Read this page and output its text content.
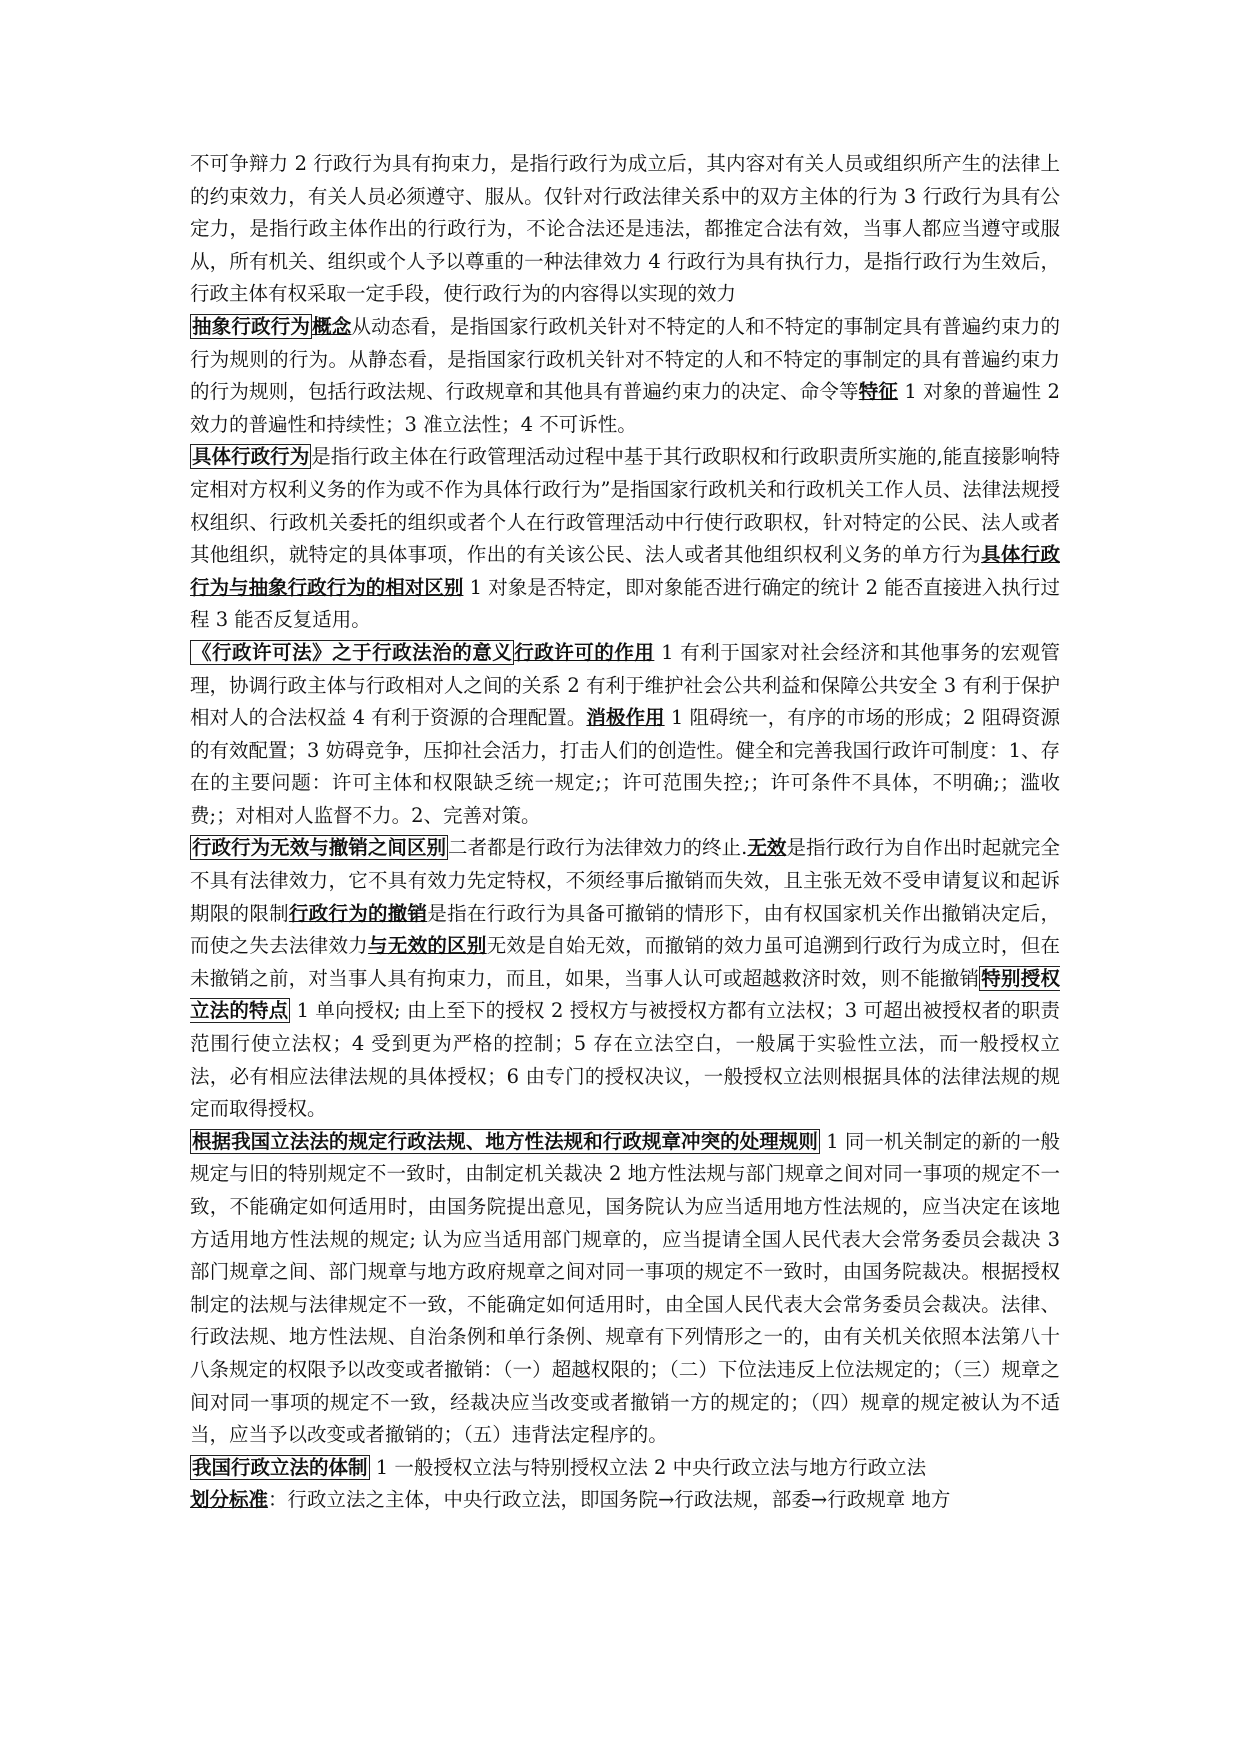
不可争辩力 2 行政行为具有拘束力，是指行政行为成立后，其内容对有关人员或组织所产生的法律上的约束效力，有关人员必须遵守、服从。仅针对行政法律关系中的双方主体的行为 3 行政行为具有公定力，是指行政主体作出的行政行为，不论合法还是违法，都推定合法有效，当事人都应当遵守或服从，所有机关、组织或个人予以尊重的一种法律效力 4 行政行为具有执行力，是指行政行为生效后，行政主体有权采取一定手段，使行政行为的内容得以实现的效力

抽象行政行为 概念从动态看，是指国家行政机关针对不特定的人和不特定的事制定具有普遍约束力的行为规则的行为。从静态看，是指国家行政机关针对不特定的人和不特定的事制定的具有普遍约束力的行为规则，包括行政法规、行政规章和其他具有普遍约束力的决定、命令等特征 1 对象的普遍性 2 效力的普遍性和持续性；3 准立法性；4 不可诉性。

具体行政行为 是指行政主体在行政管理活动过程中基于其行政职权和行政职责所实施的,能直接影响特定相对方权利义务的作为或不作为具体行政行为”是指国家行政机关和行政机关工作人员、法律法规授权组织、行政机关委托的组织或者个人在行政管理活动中行使行政职权，针对特定的公民、法人或者其他组织，就特定的具体事项，作出的有关该公民、法人或者其他组织权利义务的单方行为具体行政行为与抽象行政行为的相对区别 1 对象是否特定，即对象能否进行确定的统计 2 能否直接进入执行过程 3 能否反复适用。

《行政许可法》之于行政法治的意义 行政许可的作用 1 有利于国家对社会经济和其他事务的宏观管理，协调行政主体与行政相对人之间的关系 2 有利于维护社会公共利益和保障公共安全 3 有利于保护相对人的合法权益 4 有利于资源的合理配置。消极作用 1 阻碍统一，有序的市场的形成；2 阻碍资源的有效配置；3 妨碍竞争，压抑社会活力，打击人们的创造性。健全和完善我国行政许可制度：1、存在的主要问题：许可主体和权限缺乏统一规定;；许可范围失控;；许可条件不具体，不明确;；滥收费;；对相对人监督不力。2、完善对策。

行政行为无效与撤销之间区别 二者都是行政行为法律效力的终止.无效是指行政行为自作出时起就完全不具有法律效力，它不具有效力先定特权，不须经事后撤销而失效，且主张无效不受申请复议和起诉期限的限制行政行为的撤销是指在行政行为具备可撤销的情形下，由有权国家机关作出撤销决定后，而使之失去法律效力与无效的区别无效是自始无效，而撤销的效力虽可追溯到行政行为成立时，但在未撤销之前，对当事人具有拘束力，而且，如果，当事人认可或超越救济时效，则不能撤销 特别授权立法的特点 1 单向授权; 由上至下的授权 2 授权方与被授权方都有立法权；3 可超出被授权者的职责范围行使立法权；4 受到更为严格的控制；5 存在立法空白，一般属于实验性立法，而一般授权立法，必有相应法律法规的具体授权；6 由专门的授权决议，一般授权立法则根据具体的法律法规的规定而取得授权。

根据我国立法法的规定行政法规、地方性法规和行政规章冲突的处理规则 1 同一机关制定的新的一般规定与旧的特别规定不一致时，由制定机关裁决 2 地方性法规与部门规章之间对同一事项的规定不一致，不能确定如何适用时，由国务院提出意见，国务院认为应当适用地方性法规的，应当决定在该地方适用地方性法规的规定; 认为应当适用部门规章的，应当提请全国人民代表大会常务委员会裁决 3 部门规章之间、部门规章与地方政府规章之间对同一事项的规定不一致时，由国务院裁决。根据授权制定的法规与法律规定不一致，不能确定如何适用时，由全国人民代表大会常务委员会裁决。法律、行政法规、地方性法规、自治条例和单行条例、规章有下列情形之一的，由有关机关依照本法第八十八条规定的权限予以改变或者撤销：（一）超越权限的；（二）下位法违反上位法规定的；（三）规章之间对同一事项的规定不一致，经裁决应当改变或者撤销一方的规定的；（四）规章的规定被认为不适当，应当予以改变或者撤销的；（五）违背法定程序的。

我国行政立法的体制 1 一般授权立法与特别授权立法 2 中央行政立法与地方行政立法

划分标准：行政立法之主体，中央行政立法，即国务院→行政法规，部委→行政规章 地方
